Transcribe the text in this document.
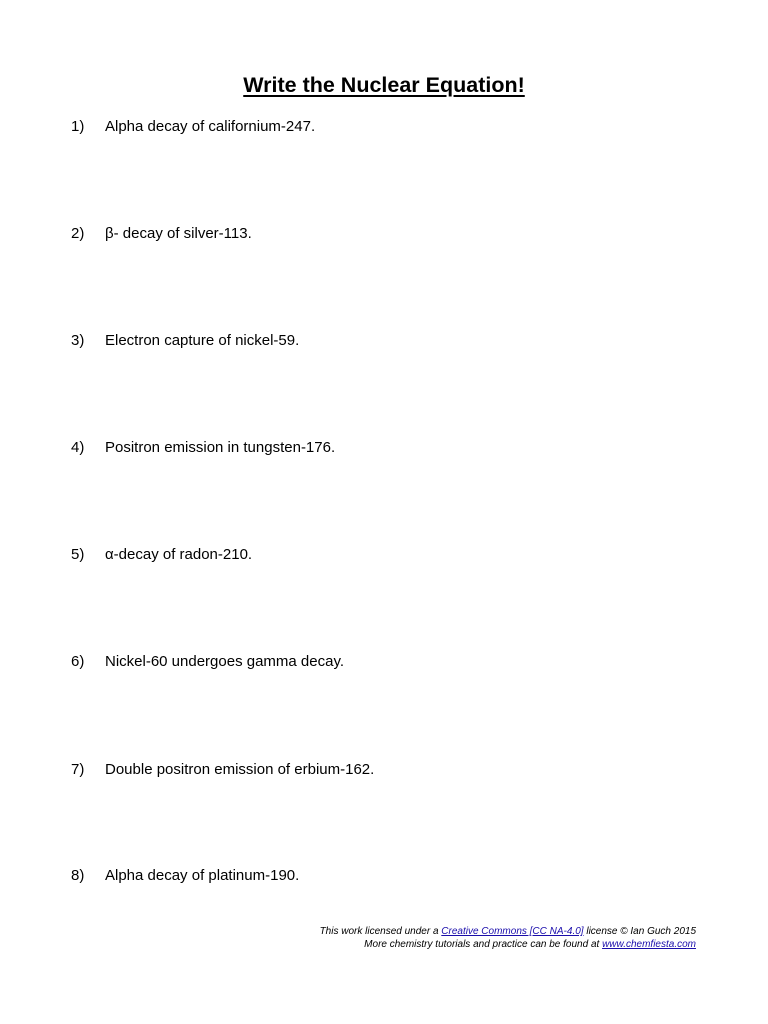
Write the Nuclear Equation!
1) Alpha decay of californium-247.
2) β- decay of silver-113.
3) Electron capture of nickel-59.
4) Positron emission in tungsten-176.
5) α-decay of radon-210.
6) Nickel-60 undergoes gamma decay.
7) Double positron emission of erbium-162.
8) Alpha decay of platinum-190.
This work licensed under a Creative Commons [CC NA-4.0] license © Ian Guch 2015
More chemistry tutorials and practice can be found at www.chemfiesta.com
